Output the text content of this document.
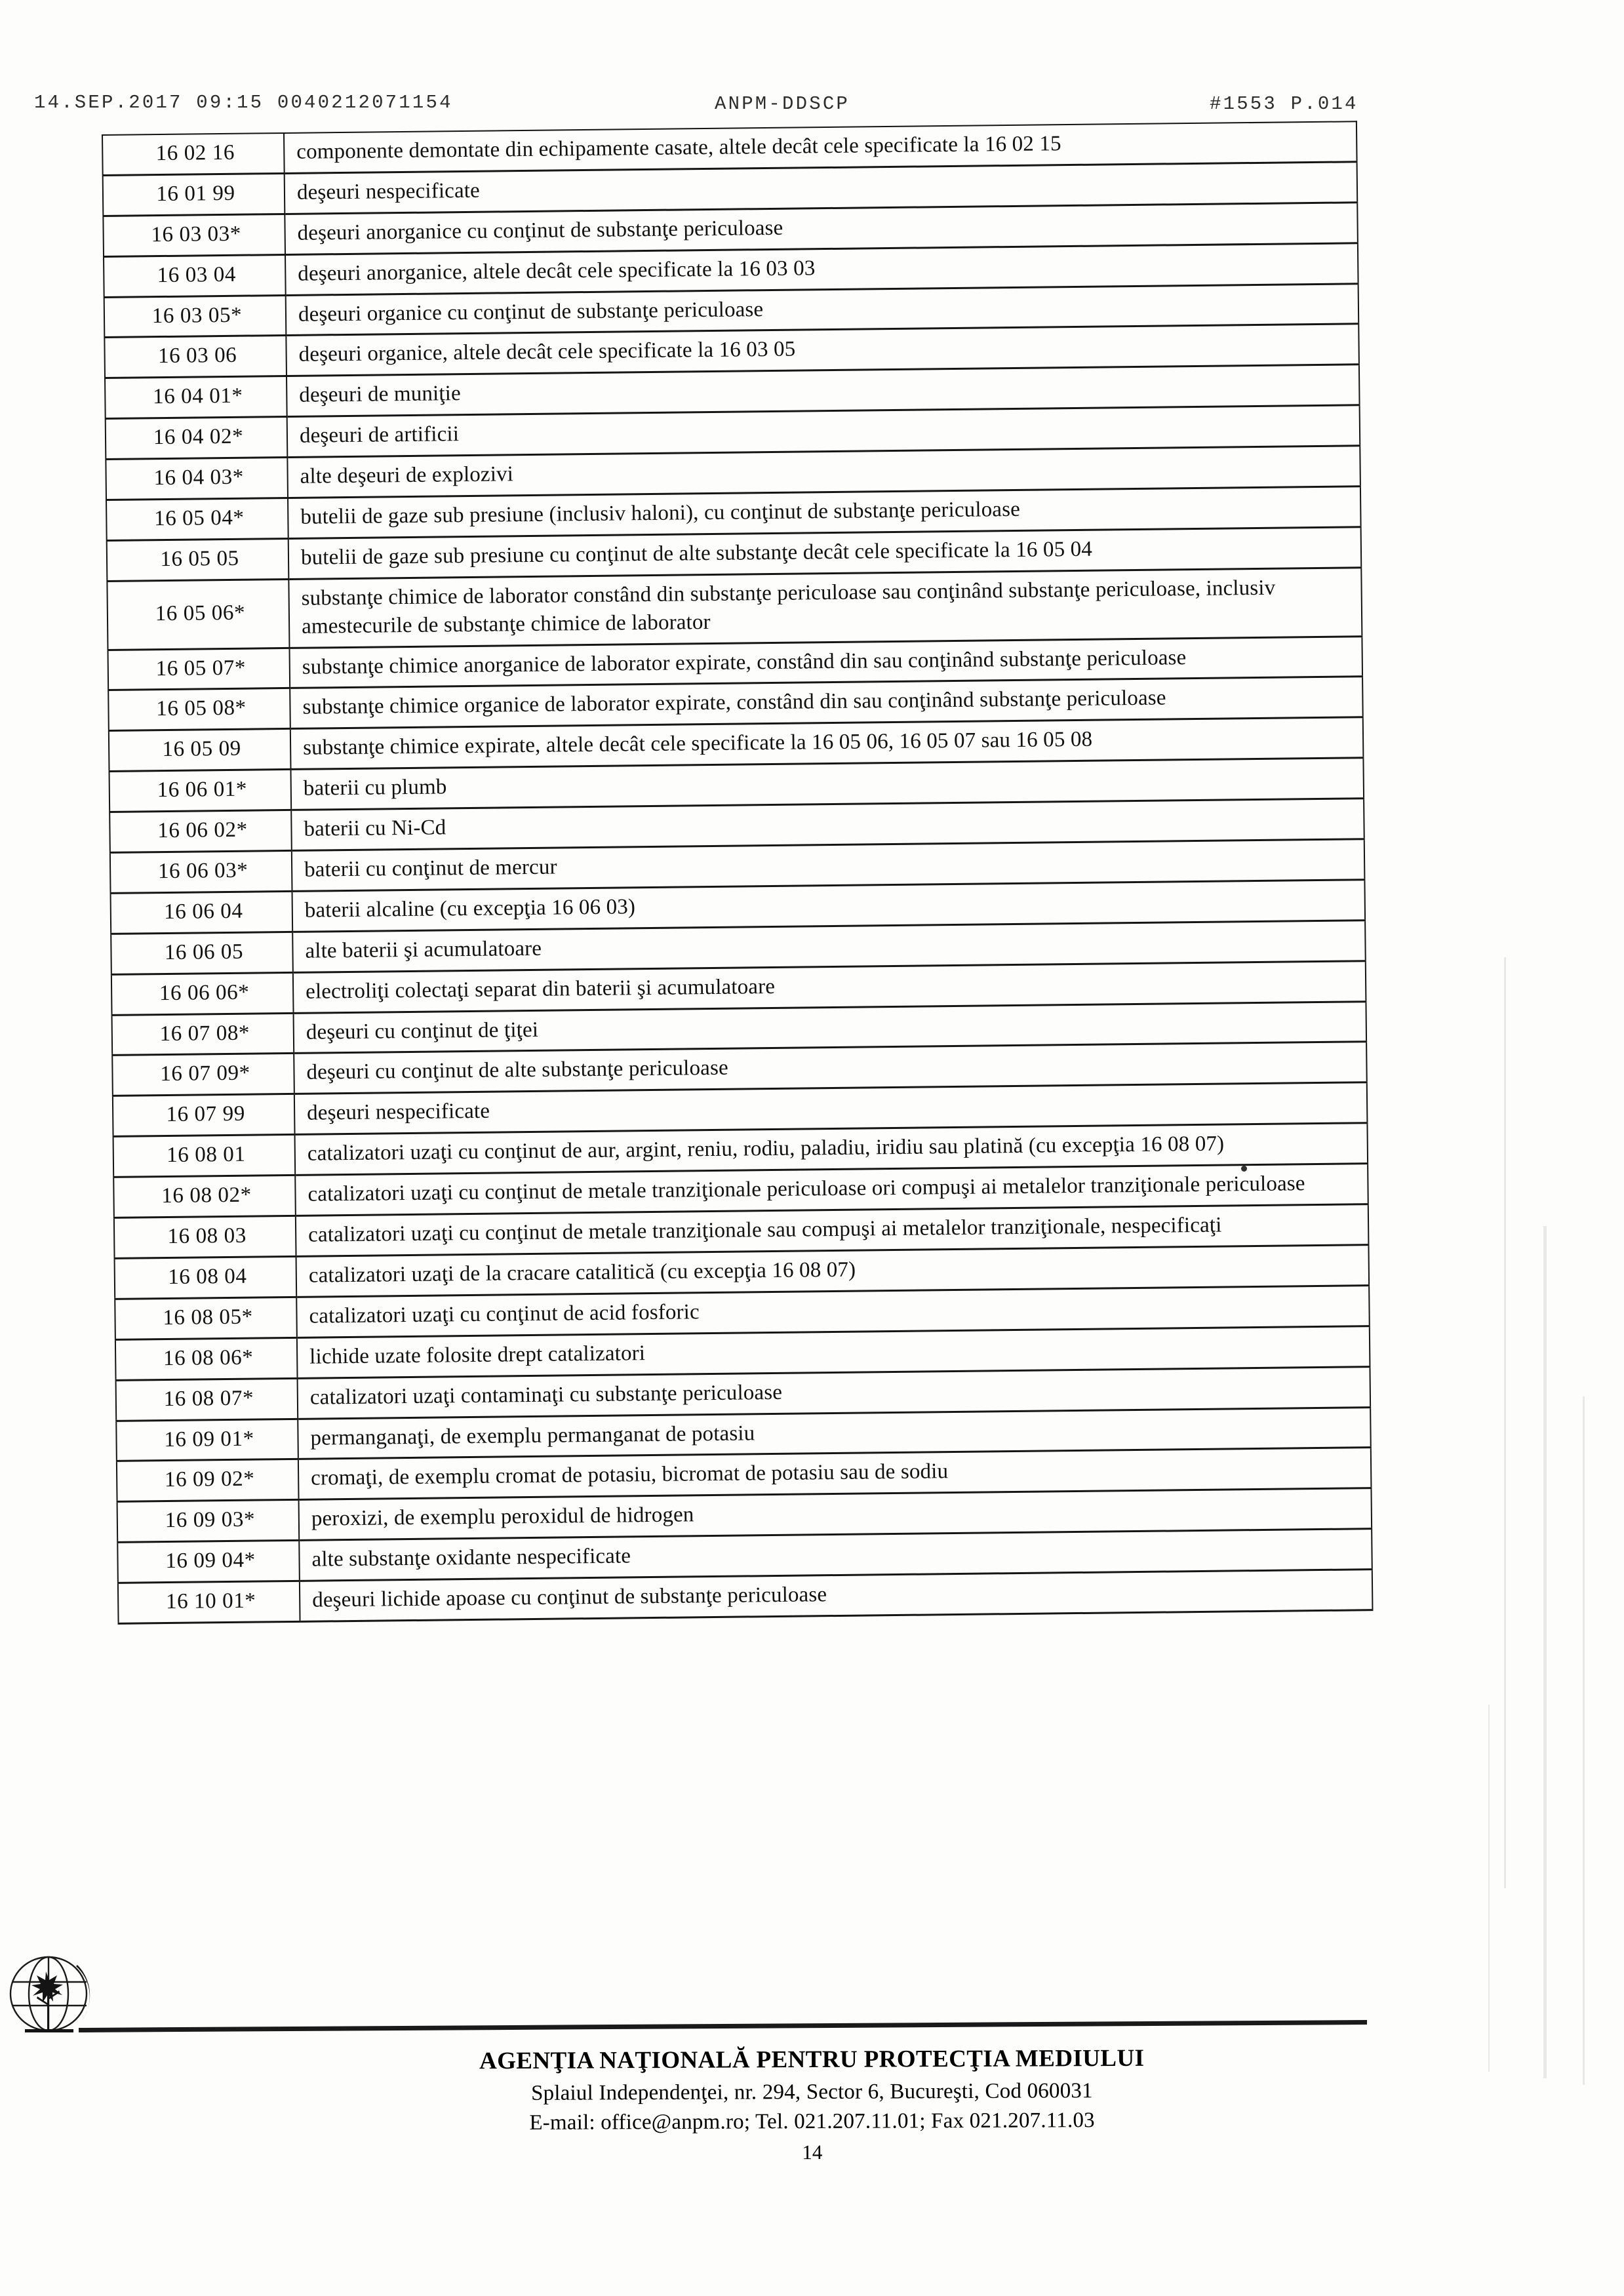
14.SEP.2017 09:15 0040212071154	ANPM-DDSCP	#1553 P.014
16 02 16	componente demontate din echipamente casate, altele decât cele specificate la 16 02 15
16 01 99	deşeuri nespecificate
16 03 03*	deşeuri anorganice cu conţinut de substanţe periculoase
16 03 04	deşeuri anorganice, altele decât cele specificate la 16 03 03
16 03 05*	deşeuri organice cu conţinut de substanţe periculoase
16 03 06	deşeuri organice, altele decât cele specificate la 16 03 05
16 04 01*	deşeuri de muniţie
16 04 02*	deşeuri de artificii
16 04 03*	alte deşeuri de explozivi
16 05 04*	butelii de gaze sub presiune (inclusiv haloni), cu conţinut de substanţe periculoase
16 05 05	butelii de gaze sub presiune cu conţinut de alte substanţe decât cele specificate la 16 05 04
16 05 06*	substanţe chimice de laborator constând din substanţe periculoase sau conţinând substanţe periculoase, inclusiv amestecurile de substanţe chimice de laborator
16 05 07*	substanţe chimice anorganice de laborator expirate, constând din sau conţinând substanţe periculoase
16 05 08*	substanţe chimice organice de laborator expirate, constând din sau conţinând substanţe periculoase
16 05 09	substanţe chimice expirate, altele decât cele specificate la 16 05 06, 16 05 07 sau 16 05 08
16 06 01*	baterii cu plumb
16 06 02*	baterii cu Ni-Cd
16 06 03*	baterii cu conţinut de mercur
16 06 04	baterii alcaline (cu excepţia 16 06 03)
16 06 05	alte baterii şi acumulatoare
16 06 06*	electroliţi colectaţi separat din baterii şi acumulatoare
16 07 08*	deşeuri cu conţinut de ţiţei
16 07 09*	deşeuri cu conţinut de alte substanţe periculoase
16 07 99	deşeuri nespecificate
16 08 01	catalizatori uzaţi cu conţinut de aur, argint, reniu, rodiu, paladiu, iridiu sau platină (cu excepţia 16 08 07)
16 08 02*	catalizatori uzaţi cu conţinut de metale tranziţionale periculoase ori compuşi ai metalelor tranziţionale periculoase
16 08 03	catalizatori uzaţi cu conţinut de metale tranziţionale sau compuşi ai metalelor tranziţionale, nespecificaţi
16 08 04	catalizatori uzaţi de la cracare catalitică (cu excepţia 16 08 07)
16 08 05*	catalizatori uzaţi cu conţinut de acid fosforic
16 08 06*	lichide uzate folosite drept catalizatori
16 08 07*	catalizatori uzaţi contaminaţi cu substanţe periculoase
16 09 01*	permanganaţi, de exemplu permanganat de potasiu
16 09 02*	cromaţi, de exemplu cromat de potasiu, bicromat de potasiu sau de sodiu
16 09 03*	peroxizi, de exemplu peroxidul de hidrogen
16 09 04*	alte substanţe oxidante nespecificate
16 10 01*	deşeuri lichide apoase cu conţinut de substanţe periculoase
AGENŢIA NAŢIONALĂ PENTRU PROTECŢIA MEDIULUI
Splaiul Independenţei, nr. 294, Sector 6, Bucureşti, Cod 060031
E-mail: office@anpm.ro; Tel. 021.207.11.01; Fax 021.207.11.03
14
